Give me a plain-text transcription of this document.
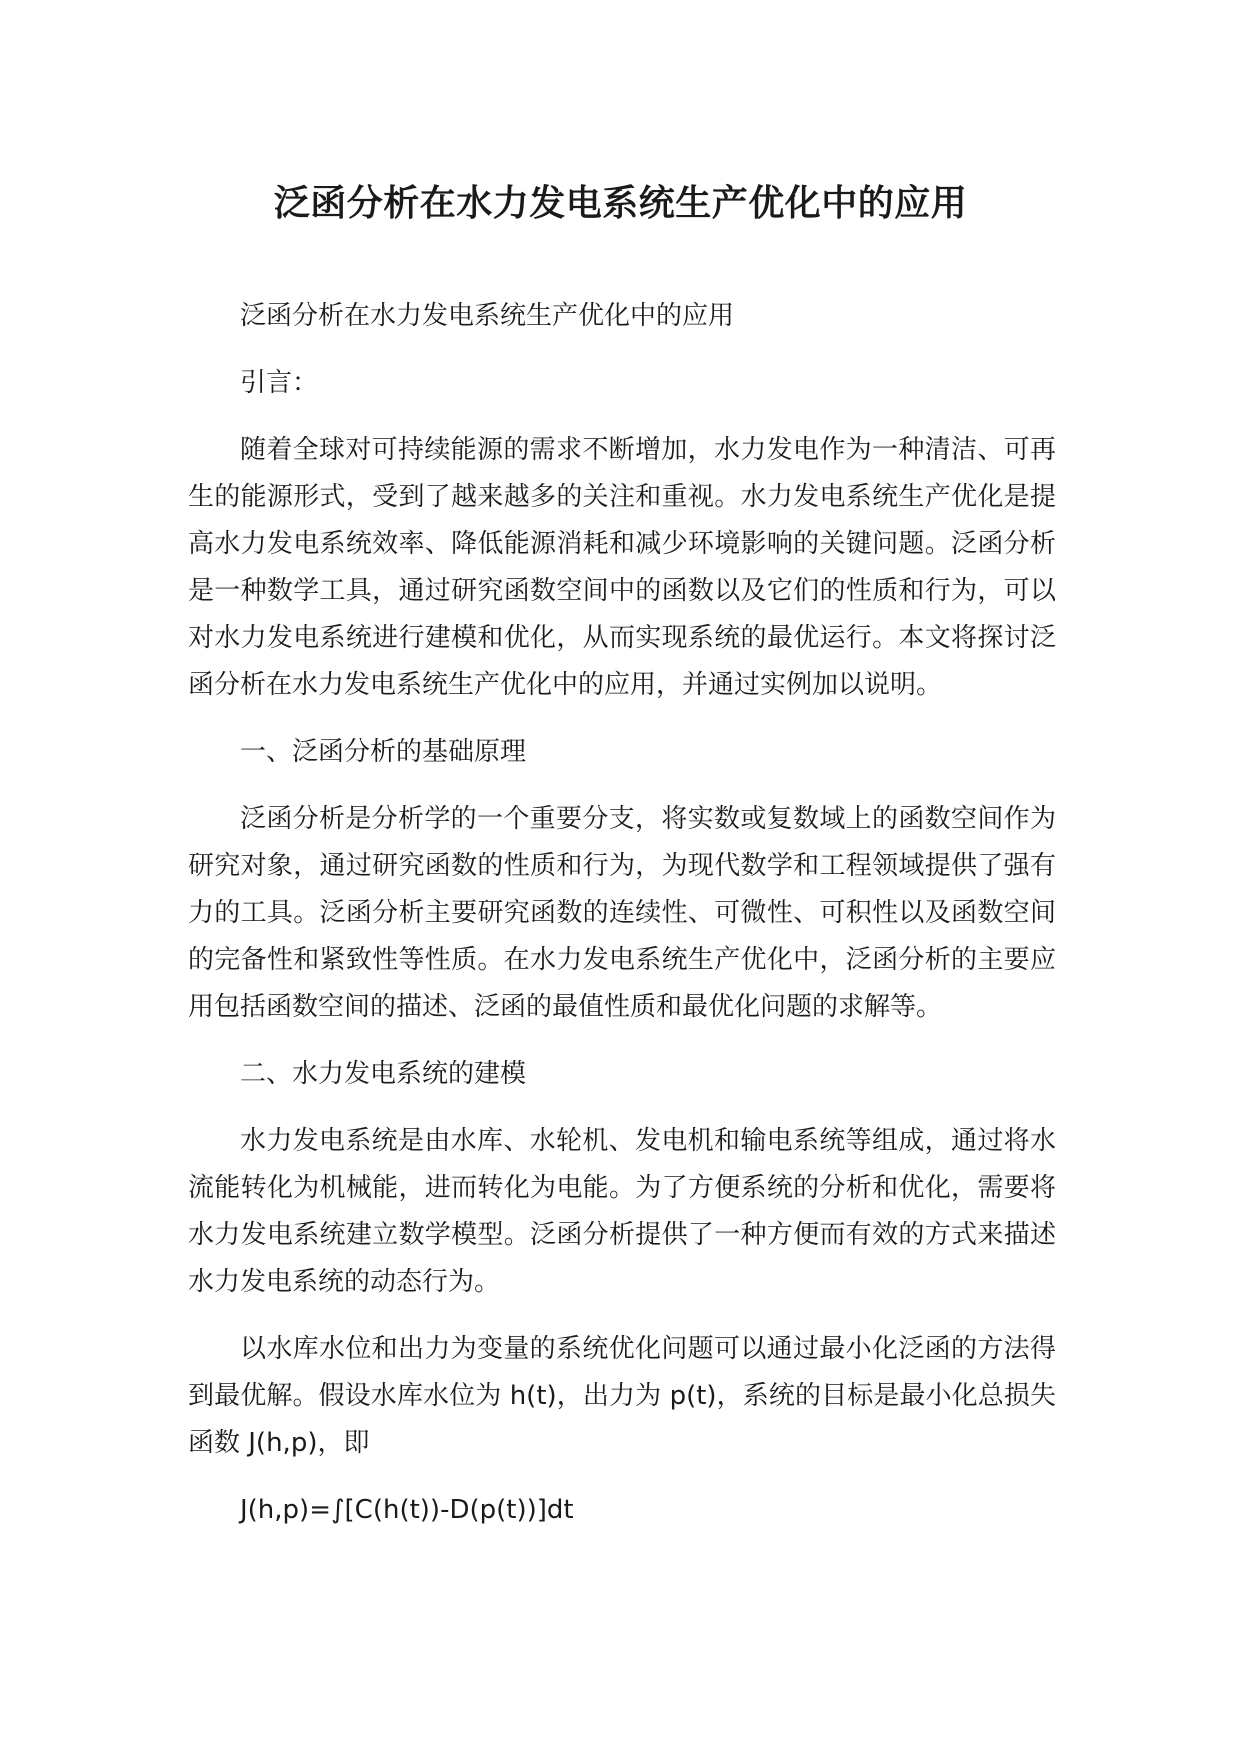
泛函分析在水力发电系统生产优化中的应用

泛函分析在水力发电系统生产优化中的应用

引言：

随着全球对可持续能源的需求不断增加，水力发电作为一种清洁、可再生的能源形式，受到了越来越多的关注和重视。水力发电系统生产优化是提高水力发电系统效率、降低能源消耗和减少环境影响的关键问题。泛函分析是一种数学工具，通过研究函数空间中的函数以及它们的性质和行为，可以对水力发电系统进行建模和优化，从而实现系统的最优运行。本文将探讨泛函分析在水力发电系统生产优化中的应用，并通过实例加以说明。

一、泛函分析的基础原理

泛函分析是分析学的一个重要分支，将实数或复数域上的函数空间作为研究对象，通过研究函数的性质和行为，为现代数学和工程领域提供了强有力的工具。泛函分析主要研究函数的连续性、可微性、可积性以及函数空间的完备性和紧致性等性质。在水力发电系统生产优化中，泛函分析的主要应用包括函数空间的描述、泛函的最值性质和最优化问题的求解等。

二、水力发电系统的建模

水力发电系统是由水库、水轮机、发电机和输电系统等组成，通过将水流能转化为机械能，进而转化为电能。为了方便系统的分析和优化，需要将水力发电系统建立数学模型。泛函分析提供了一种方便而有效的方式来描述水力发电系统的动态行为。

以水库水位和出力为变量的系统优化问题可以通过最小化泛函的方法得到最优解。假设水库水位为 h(t)，出力为 p(t)，系统的目标是最小化总损失函数 J(h,p)，即

J(h,p)=∫[C(h(t))-D(p(t))]dt
